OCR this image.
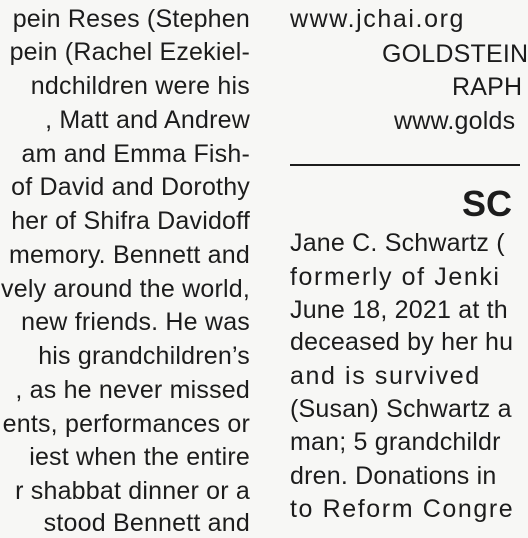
pein Reses (Stephen
pein (Rachel Ezekiel-
ndchildren were his
, Matt and Andrew
am and Emma Fish-
of David and Dorothy
her of Shifra Davidoff
memory. Bennett and
vely around the world,
new friends. He was
his grandchildren’s
, as he never missed
ents, performances or
iest when the entire
r shabbat dinner or a
stood Bennett and
www.jchai.org
GOLDSTEIN
RAPH
www.golds
SC
Jane C. Schwartz (
formerly of Jenki
June 18, 2021 at th
deceased by her hu
and is survived
(Susan) Schwartz a
man; 5 grandchildr
dren. Donations in
to Reform Congre
